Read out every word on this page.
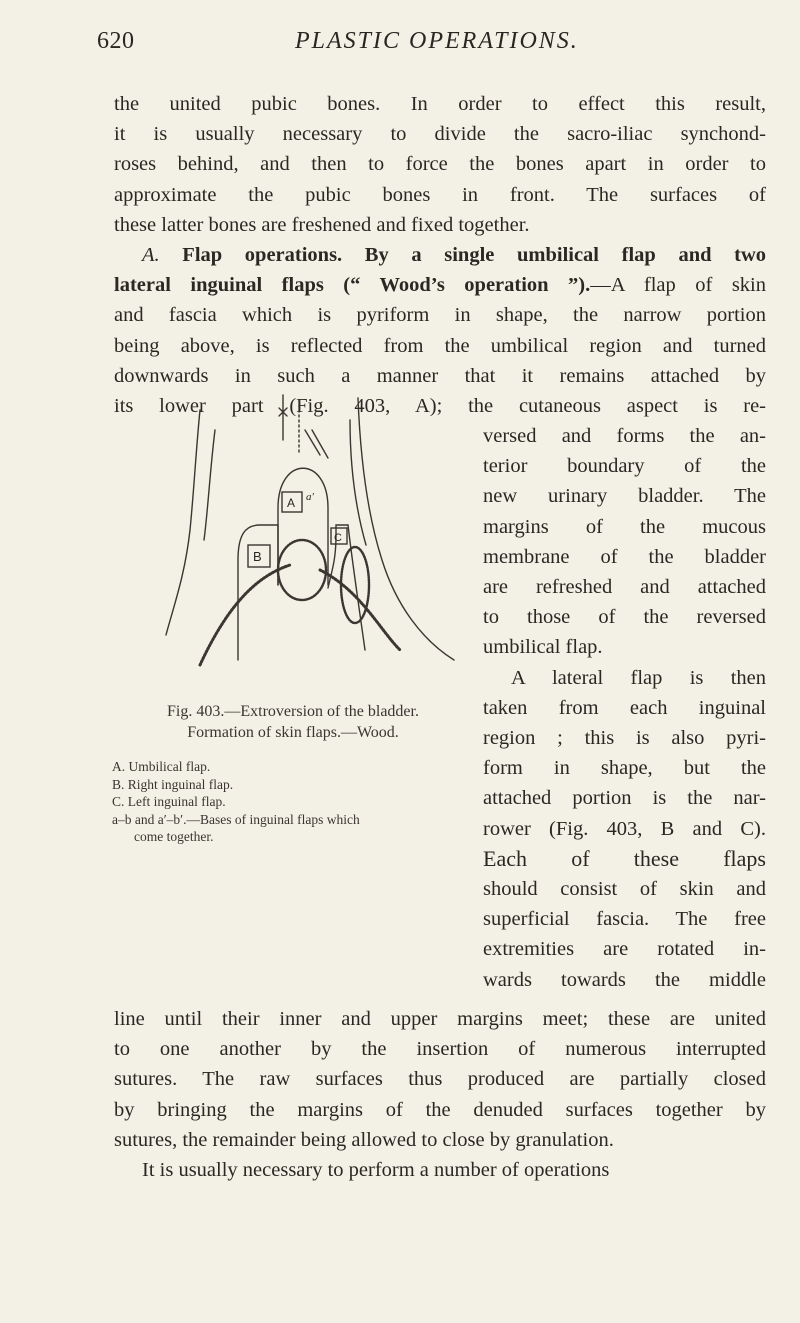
620	PLASTIC OPERATIONS.
the united pubic bones. In order to effect this result,
it is usually necessary to divide the sacro-iliac synchond-
roses behind, and then to force the bones apart in order to
approximate the pubic bones in front. The surfaces of
these latter bones are freshened and fixed together.
A. Flap operations. By a single umbilical flap and two
lateral inguinal flaps (“ Wood’s operation ”).—A flap of skin
and fascia which is pyriform in shape, the narrow portion
being above, is reflected from the umbilical region and turned
downwards in such a manner that it remains attached by
its lower part (Fig. 403, A); the cutaneous aspect is re-
versed and forms the an-
terior boundary of the
new urinary bladder. The
margins of the mucous
membrane of the bladder
are refreshed and attached
to those of the reversed
umbilical flap.
A lateral flap is then
taken from each inguinal
region ; this is also pyri-
form in shape, but the
attached portion is the nar-
rower (Fig. 403, B and C).
Each of these flaps
should consist of skin and
superficial fascia. The free
extremities are rotated in-
wards towards the middle
A
B
C
a′
Fig. 403.—Extroversion of the bladder.
Formation of skin flaps.—Wood.
A. Umbilical flap.
B. Right inguinal flap.
C. Left inguinal flap.
a–b and a′–b′.—Bases of inguinal flaps which
come together.
line until their inner and upper margins meet; these are united
to one another by the insertion of numerous interrupted
sutures. The raw surfaces thus produced are partially closed
by bringing the margins of the denuded surfaces together by
sutures, the remainder being allowed to close by granulation.
It is usually necessary to perform a number of operations
